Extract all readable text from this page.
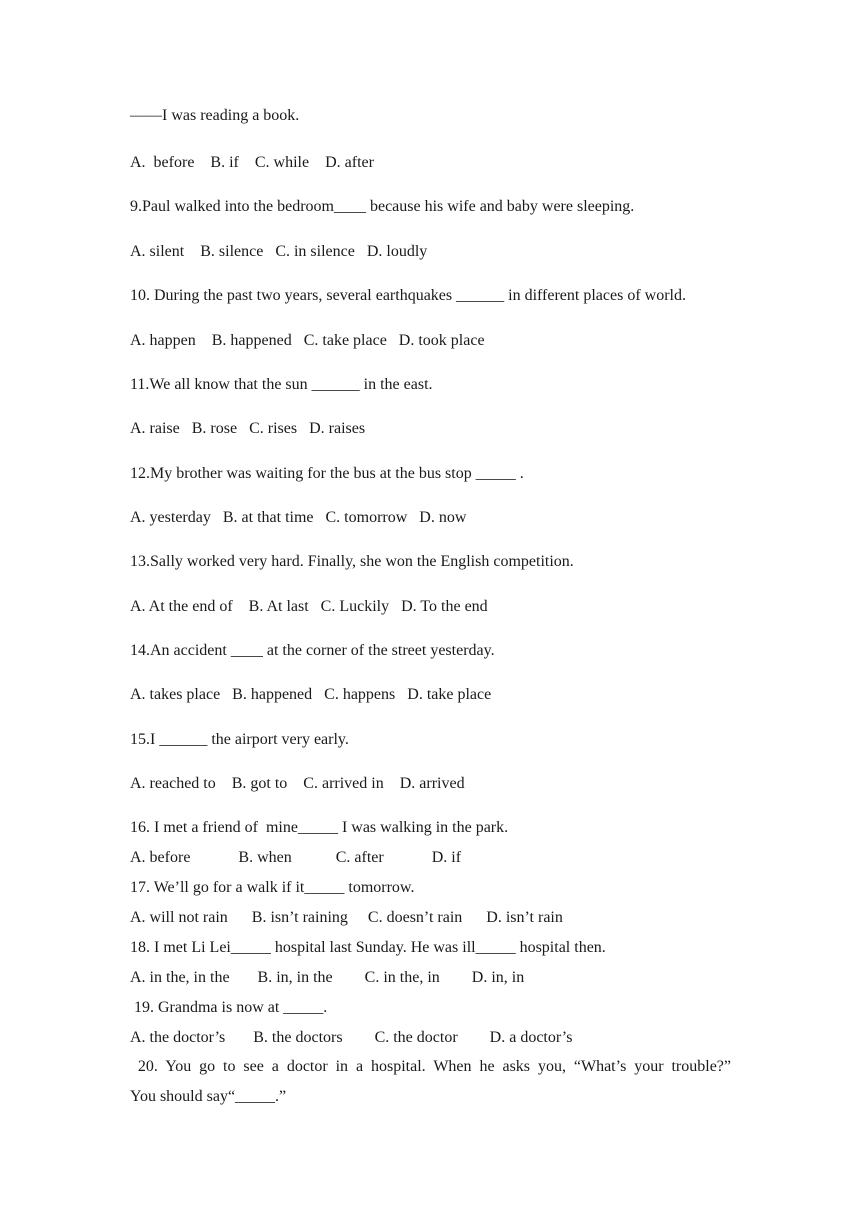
——I was reading a book.
A.  before    B. if    C. while    D. after
9.Paul walked into the bedroom____ because his wife and baby were sleeping.
A. silent    B. silence   C. in silence   D. loudly
10. During the past two years, several earthquakes ______ in different places of world.
A. happen    B. happened   C. take place   D. took place
11.We all know that the sun ______ in the east.
A. raise   B. rose   C. rises   D. raises
12.My brother was waiting for the bus at the bus stop _____ .
A. yesterday   B. at that time   C. tomorrow   D. now
13.Sally worked very hard. Finally, she won the English competition.
A. At the end of    B. At last   C. Luckily   D. To the end
14.An accident ____ at the corner of the street yesterday.
A. takes place   B. happened   C. happens   D. take place
15.I ______ the airport very early.
A. reached to    B. got to    C. arrived in    D. arrived
16. I met a friend of  mine_____ I was walking in the park.
A. before            B. when           C. after            D. if
17. We’ll go for a walk if it_____ tomorrow.
A. will not rain      B. isn’t raining     C. doesn’t rain      D. isn’t rain
18. I met Li Lei_____ hospital last Sunday. He was ill_____ hospital then.
A. in the, in the       B. in, in the        C. in the, in        D. in, in
19. Grandma is now at _____.
A. the doctor’s       B. the doctors        C. the doctor        D. a doctor’s
20. You go to see a doctor in a hospital. When he asks you, “What’s your trouble?”
You should say“_____.”
